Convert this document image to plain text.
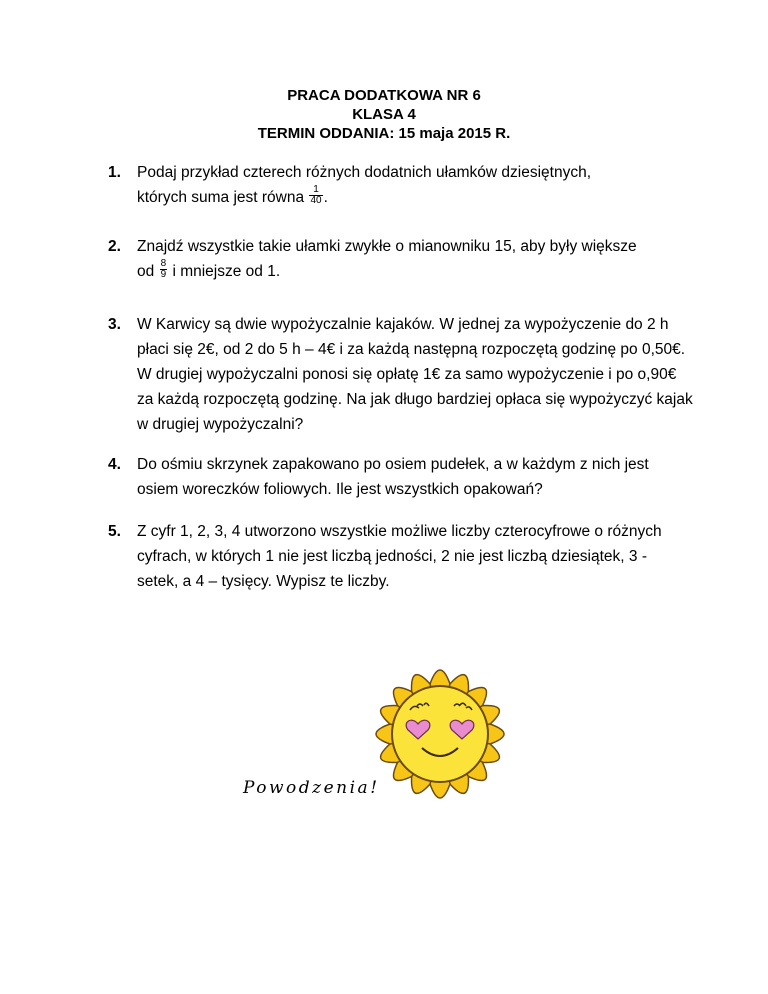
PRACA DODATKOWA NR 6
KLASA 4
TERMIN ODDANIA: 15 maja 2015 R.
1. Podaj przykład czterech różnych dodatnich ułamków dziesiętnych,
których suma jest równa $\frac{1}{40}$ .
2. Znajdź wszystkie takie ułamki zwykłe o mianowniku 15, aby były większe
od $\frac{8}{9}$ i mniejsze od 1.
3. W Karwicy są dwie wypożyczalnie kajaków. W jednej za wypożyczenie do 2 h płaci się 2€, od 2 do 5 h – 4€ i za każdą następną rozpoczętą godzinę po 0,50€. W drugiej wypożyczalni ponosi się opłatę 1€ za samo wypożyczenie i po o,90€ za każdą rozpoczętą godzinę. Na jak długo bardziej opłaca się wypożyczyć kajak w drugiej wypożyczalni?
4. Do ośmiu skrzynek zapakowano po osiem pudełek, a w każdym z nich jest osiem woreczków foliowych. Ile jest wszystkich opakowań?
5. Z cyfr 1, 2, 3, 4 utworzono wszystkie możliwe liczby czterocyfrowe o różnych cyfrach, w których 1 nie jest liczbą jedności, 2 nie jest liczbą dziesiątek, 3 - setek, a 4 – tysięcy. Wypisz te liczby.
Powodzenia!
